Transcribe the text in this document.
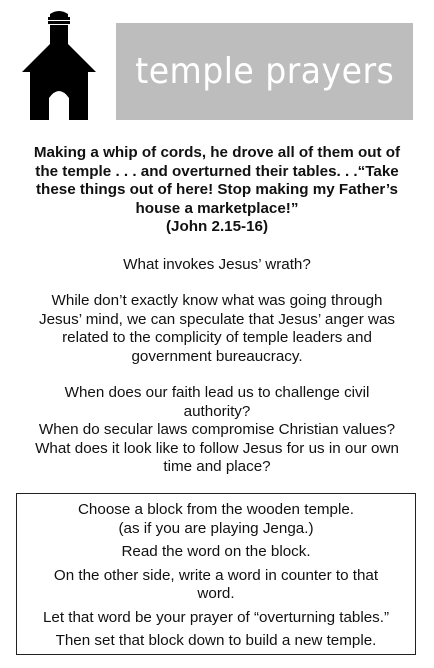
temple prayers
Making a whip of cords, he drove all of them out of
the temple . . . and overturned their tables. . .“Take
these things out of here! Stop making my Father’s
house a marketplace!”
(John 2.15-16)
What invokes Jesus’ wrath?
While don’t exactly know what was going through
Jesus’ mind, we can speculate that Jesus’ anger was
related to the complicity of temple leaders and
government bureaucracy.
When does our faith lead us to challenge civil
authority?
When do secular laws compromise Christian values?
What does it look like to follow Jesus for us in our own
time and place?
Choose a block from the wooden temple.
(as if you are playing Jenga.)
Read the word on the block.
On the other side, write a word in counter to that
word.
Let that word be your prayer of “overturning tables.”
Then set that block down to build a new temple.
